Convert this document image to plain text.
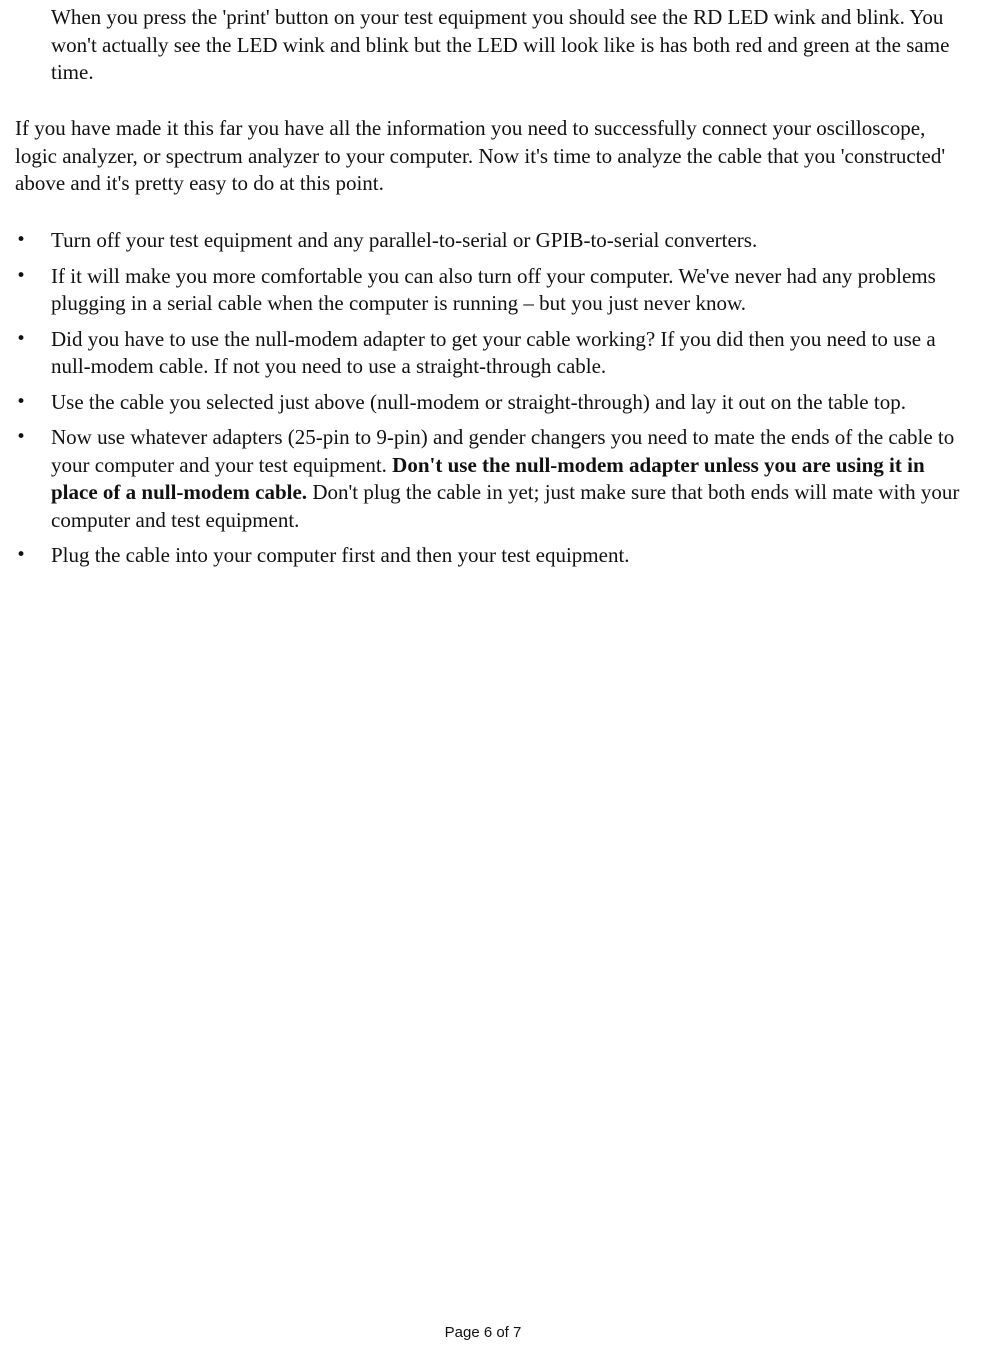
When you press the 'print' button on your test equipment you should see the RD LED wink and blink. You won't actually see the LED wink and blink but the LED will look like is has both red and green at the same time.

If you have made it this far you have all the information you need to successfully connect your oscilloscope, logic analyzer, or spectrum analyzer to your computer. Now it's time to analyze the cable that you 'constructed' above and it's pretty easy to do at this point.

• Turn off your test equipment and any parallel-to-serial or GPIB-to-serial converters.
• If it will make you more comfortable you can also turn off your computer. We've never had any problems plugging in a serial cable when the computer is running – but you just never know.
• Did you have to use the null-modem adapter to get your cable working? If you did then you need to use a null-modem cable. If not you need to use a straight-through cable.
• Use the cable you selected just above (null-modem or straight-through) and lay it out on the table top.
• Now use whatever adapters (25-pin to 9-pin) and gender changers you need to mate the ends of the cable to your computer and your test equipment. Don't use the null-modem adapter unless you are using it in place of a null-modem cable. Don't plug the cable in yet; just make sure that both ends will mate with your computer and test equipment.
• Plug the cable into your computer first and then your test equipment.
Page 6 of 7
